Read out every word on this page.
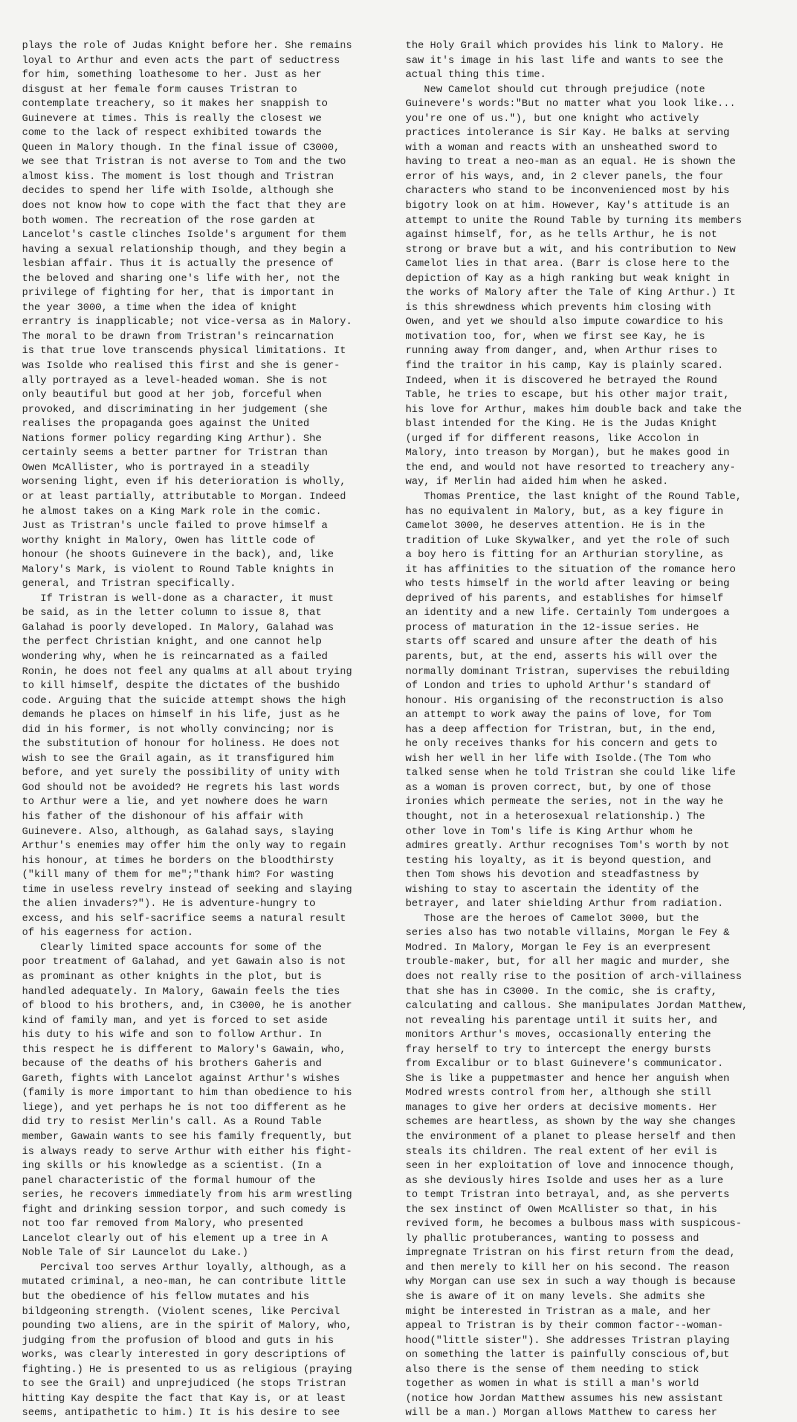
plays the role of Judas Knight before her. She remains
loyal to Arthur and even acts the part of seductress
for him, something loathesome to her. Just as her
disgust at her female form causes Tristran to
contemplate treachery, so it makes her snappish to
Guinevere at times. This is really the closest we
come to the lack of respect exhibited towards the
Queen in Malory though. In the final issue of C3000,
we see that Tristran is not averse to Tom and the two
almost kiss. The moment is lost though and Tristran
decides to spend her life with Isolde, although she
does not know how to cope with the fact that they are
both women. The recreation of the rose garden at
Lancelot's castle clinches Isolde's argument for them
having a sexual relationship though, and they begin a
lesbian affair. Thus it is actually the presence of
the beloved and sharing one's life with her, not the
privilege of fighting for her, that is important in
the year 3000, a time when the idea of knight
errantry is inapplicable; not vice-versa as in Malory.
The moral to be drawn from Tristran's reincarnation
is that true love transcends physical limitations. It
was Isolde who realised this first and she is gener-
ally portrayed as a level-headed woman. She is not
only beautiful but good at her job, forceful when
provoked, and discriminating in her judgement (she
realises the propaganda goes against the United
Nations former policy regarding King Arthur). She
certainly seems a better partner for Tristran than
Owen McAllister, who is portrayed in a steadily
worsening light, even if his deterioration is wholly,
or at least partially, attributable to Morgan. Indeed
he almost takes on a King Mark role in the comic.
Just as Tristran's uncle failed to prove himself a
worthy knight in Malory, Owen has little code of
honour (he shoots Guinevere in the back), and, like
Malory's Mark, is violent to Round Table knights in
general, and Tristran specifically.
If Tristran is well-done as a character, it must
be said, as in the letter column to issue 8, that
Galahad is poorly developed. In Malory, Galahad was
the perfect Christian knight, and one cannot help
wondering why, when he is reincarnated as a failed
Ronin, he does not feel any qualms at all about trying
to kill himself, despite the dictates of the bushido
code. Arguing that the suicide attempt shows the high
demands he places on himself in his life, just as he
did in his former, is not wholly convincing; nor is
the substitution of honour for holiness. He does not
wish to see the Grail again, as it transfigured him
before, and yet surely the possibility of unity with
God should not be avoided? He regrets his last words
to Arthur were a lie, and yet nowhere does he warn
his father of the dishonour of his affair with
Guinevere. Also, although, as Galahad says, slaying
Arthur's enemies may offer him the only way to regain
his honour, at times he borders on the bloodthirsty
("kill many of them for me";"thank him? For wasting
time in useless revelry instead of seeking and slaying
the alien invaders?"). He is adventure-hungry to
excess, and his self-sacrifice seems a natural result
of his eagerness for action.
Clearly limited space accounts for some of the
poor treatment of Galahad, and yet Gawain also is not
as prominant as other knights in the plot, but is
handled adequately. In Malory, Gawain feels the ties
of blood to his brothers, and, in C3000, he is another
kind of family man, and yet is forced to set aside
his duty to his wife and son to follow Arthur. In
this respect he is different to Malory's Gawain, who,
because of the deaths of his brothers Gaheris and
Gareth, fights with Lancelot against Arthur's wishes
(family is more important to him than obedience to his
liege), and yet perhaps he is not too different as he
did try to resist Merlin's call. As a Round Table
member, Gawain wants to see his family frequently, but
is always ready to serve Arthur with either his fight-
ing skills or his knowledge as a scientist. (In a
panel characteristic of the formal humour of the
series, he recovers immediately from his arm wrestling
fight and drinking session torpor, and such comedy is
not too far removed from Malory, who presented
Lancelot clearly out of his element up a tree in A
Noble Tale of Sir Launcelot du Lake.)
Percival too serves Arthur loyally, although, as a
mutated criminal, a neo-man, he can contribute little
but the obedience of his fellow mutates and his
bildgeoning strength. (Violent scenes, like Percival
pounding two aliens, are in the spirit of Malory, who,
judging from the profusion of blood and guts in his
works, was clearly interested in gory descriptions of
fighting.) He is presented to us as religious (praying
to see the Grail) and unprejudiced (he stops Tristran
hitting Kay despite the fact that Kay is, or at least
seems, antipathetic to him.) It is his desire to see
the Holy Grail which provides his link to Malory. He
saw it's image in his last life and wants to see the
actual thing this time.
New Camelot should cut through prejudice (note
Guinevere's words:"But no matter what you look like...
you're one of us."), but one knight who actively
practices intolerance is Sir Kay. He balks at serving
with a woman and reacts with an unsheathed sword to
having to treat a neo-man as an equal. He is shown the
error of his ways, and, in 2 clever panels, the four
characters who stand to be inconvenienced most by his
bigotry look on at him. However, Kay's attitude is an
attempt to unite the Round Table by turning its members
against himself, for, as he tells Arthur, he is not
strong or brave but a wit, and his contribution to New
Camelot lies in that area. (Barr is close here to the
depiction of Kay as a high ranking but weak knight in
the works of Malory after the Tale of King Arthur.) It
is this shrewdness which prevents him closing with
Owen, and yet we should also impute cowardice to his
motivation too, for, when we first see Kay, he is
running away from danger, and, when Arthur rises to
find the traitor in his camp, Kay is plainly scared.
Indeed, when it is discovered he betrayed the Round
Table, he tries to escape, but his other major trait,
his love for Arthur, makes him double back and take the
blast intended for the King. He is the Judas Knight
(urged if for different reasons, like Accolon in
Malory, into treason by Morgan), but he makes good in
the end, and would not have resorted to treachery any-
way, if Merlin had aided him when he asked.
Thomas Prentice, the last knight of the Round Table,
has no equivalent in Malory, but, as a key figure in
Camelot 3000, he deserves attention. He is in the
tradition of Luke Skywalker, and yet the role of such
a boy hero is fitting for an Arthurian storyline, as
it has affinities to the situation of the romance hero
who tests himself in the world after leaving or being
deprived of his parents, and establishes for himself
an identity and a new life. Certainly Tom undergoes a
process of maturation in the 12-issue series. He
starts off scared and unsure after the death of his
parents, but, at the end, asserts his will over the
normally dominant Tristran, supervises the rebuilding
of London and tries to uphold Arthur's standard of
honour. His organising of the reconstruction is also
an attempt to work away the pains of love, for Tom
has a deep affection for Tristran, but, in the end,
he only receives thanks for his concern and gets to
wish her well in her life with Isolde.(The Tom who
talked sense when he told Tristran she could like life
as a woman is proven correct, but, by one of those
ironies which permeate the series, not in the way he
thought, not in a heterosexual relationship.) The
other love in Tom's life is King Arthur whom he
admires greatly. Arthur recognises Tom's worth by not
testing his loyalty, as it is beyond question, and
then Tom shows his devotion and steadfastness by
wishing to stay to ascertain the identity of the
betrayer, and later shielding Arthur from radiation.
Those are the heroes of Camelot 3000, but the
series also has two notable villains, Morgan le Fey &
Modred. In Malory, Morgan le Fey is an everpresent
trouble-maker, but, for all her magic and murder, she
does not really rise to the position of arch-villainess
that she has in C3000. In the comic, she is crafty,
calculating and callous. She manipulates Jordan Matthew,
not revealing his parentage until it suits her, and
monitors Arthur's moves, occasionally entering the
fray herself to try to intercept the energy bursts
from Excalibur or to blast Guinevere's communicator.
She is like a puppetmaster and hence her anguish when
Modred wrests control from her, although she still
manages to give her orders at decisive moments. Her
schemes are heartless, as shown by the way she changes
the environment of a planet to please herself and then
steals its children. The real extent of her evil is
seen in her exploitation of love and innocence though,
as she deviously hires Isolde and uses her as a lure
to tempt Tristran into betrayal, and, as she perverts
the sex instinct of Owen McAllister so that, in his
revived form, he becomes a bulbous mass with suspicous-
ly phallic protuberances, wanting to possess and
impregnate Tristran on his first return from the dead,
and then merely to kill her on his second. The reason
why Morgan can use sex in such a way though is because
she is aware of it on many levels. She admits she
might be interested in Tristran as a male, and her
appeal to Tristran is by their common factor--woman-
hood("little sister"). She addresses Tristran playing
on something the latter is painfully conscious of,but
also there is the sense of them needing to stick
together as women in what is still a man's world
(notice how Jordan Matthew assumes his new assistant
will be a man.) Morgan allows Matthew to caress her
